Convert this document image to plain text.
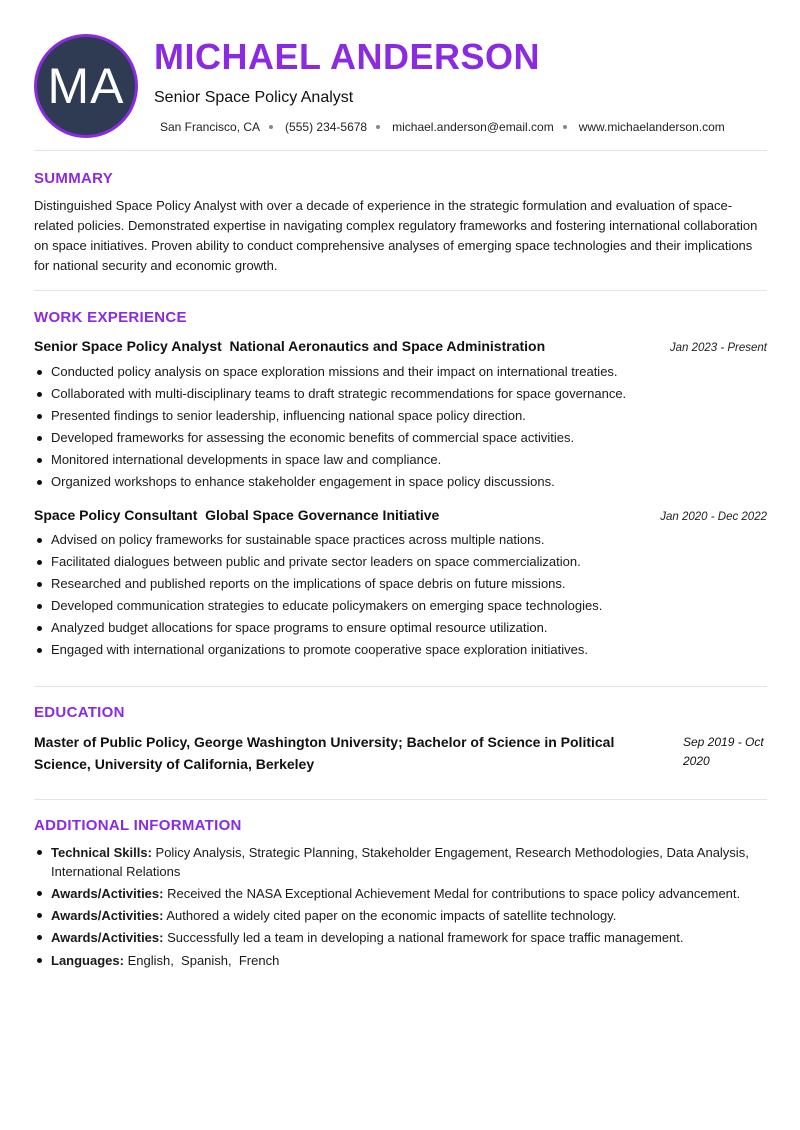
MA
MICHAEL ANDERSON
Senior Space Policy Analyst
San Francisco, CA (555) 234-5678 michael.anderson@email.com www.michaelanderson.com
SUMMARY
Distinguished Space Policy Analyst with over a decade of experience in the strategic formulation and evaluation of space-related policies. Demonstrated expertise in navigating complex regulatory frameworks and fostering international collaboration on space initiatives. Proven ability to conduct comprehensive analyses of emerging space technologies and their implications for national security and economic growth.
WORK EXPERIENCE
Senior Space Policy Analyst  National Aeronautics and Space Administration	Jan 2023 - Present
Conducted policy analysis on space exploration missions and their impact on international treaties.
Collaborated with multi-disciplinary teams to draft strategic recommendations for space governance.
Presented findings to senior leadership, influencing national space policy direction.
Developed frameworks for assessing the economic benefits of commercial space activities.
Monitored international developments in space law and compliance.
Organized workshops to enhance stakeholder engagement in space policy discussions.
Space Policy Consultant  Global Space Governance Initiative	Jan 2020 - Dec 2022
Advised on policy frameworks for sustainable space practices across multiple nations.
Facilitated dialogues between public and private sector leaders on space commercialization.
Researched and published reports on the implications of space debris on future missions.
Developed communication strategies to educate policymakers on emerging space technologies.
Analyzed budget allocations for space programs to ensure optimal resource utilization.
Engaged with international organizations to promote cooperative space exploration initiatives.
EDUCATION
Master of Public Policy, George Washington University; Bachelor of Science in Political Science, University of California, Berkeley
Sep 2019 - Oct 2020
ADDITIONAL INFORMATION
Technical Skills: Policy Analysis, Strategic Planning, Stakeholder Engagement, Research Methodologies, Data Analysis, International Relations
Awards/Activities: Received the NASA Exceptional Achievement Medal for contributions to space policy advancement.
Awards/Activities: Authored a widely cited paper on the economic impacts of satellite technology.
Awards/Activities: Successfully led a team in developing a national framework for space traffic management.
Languages: English,  Spanish,  French
